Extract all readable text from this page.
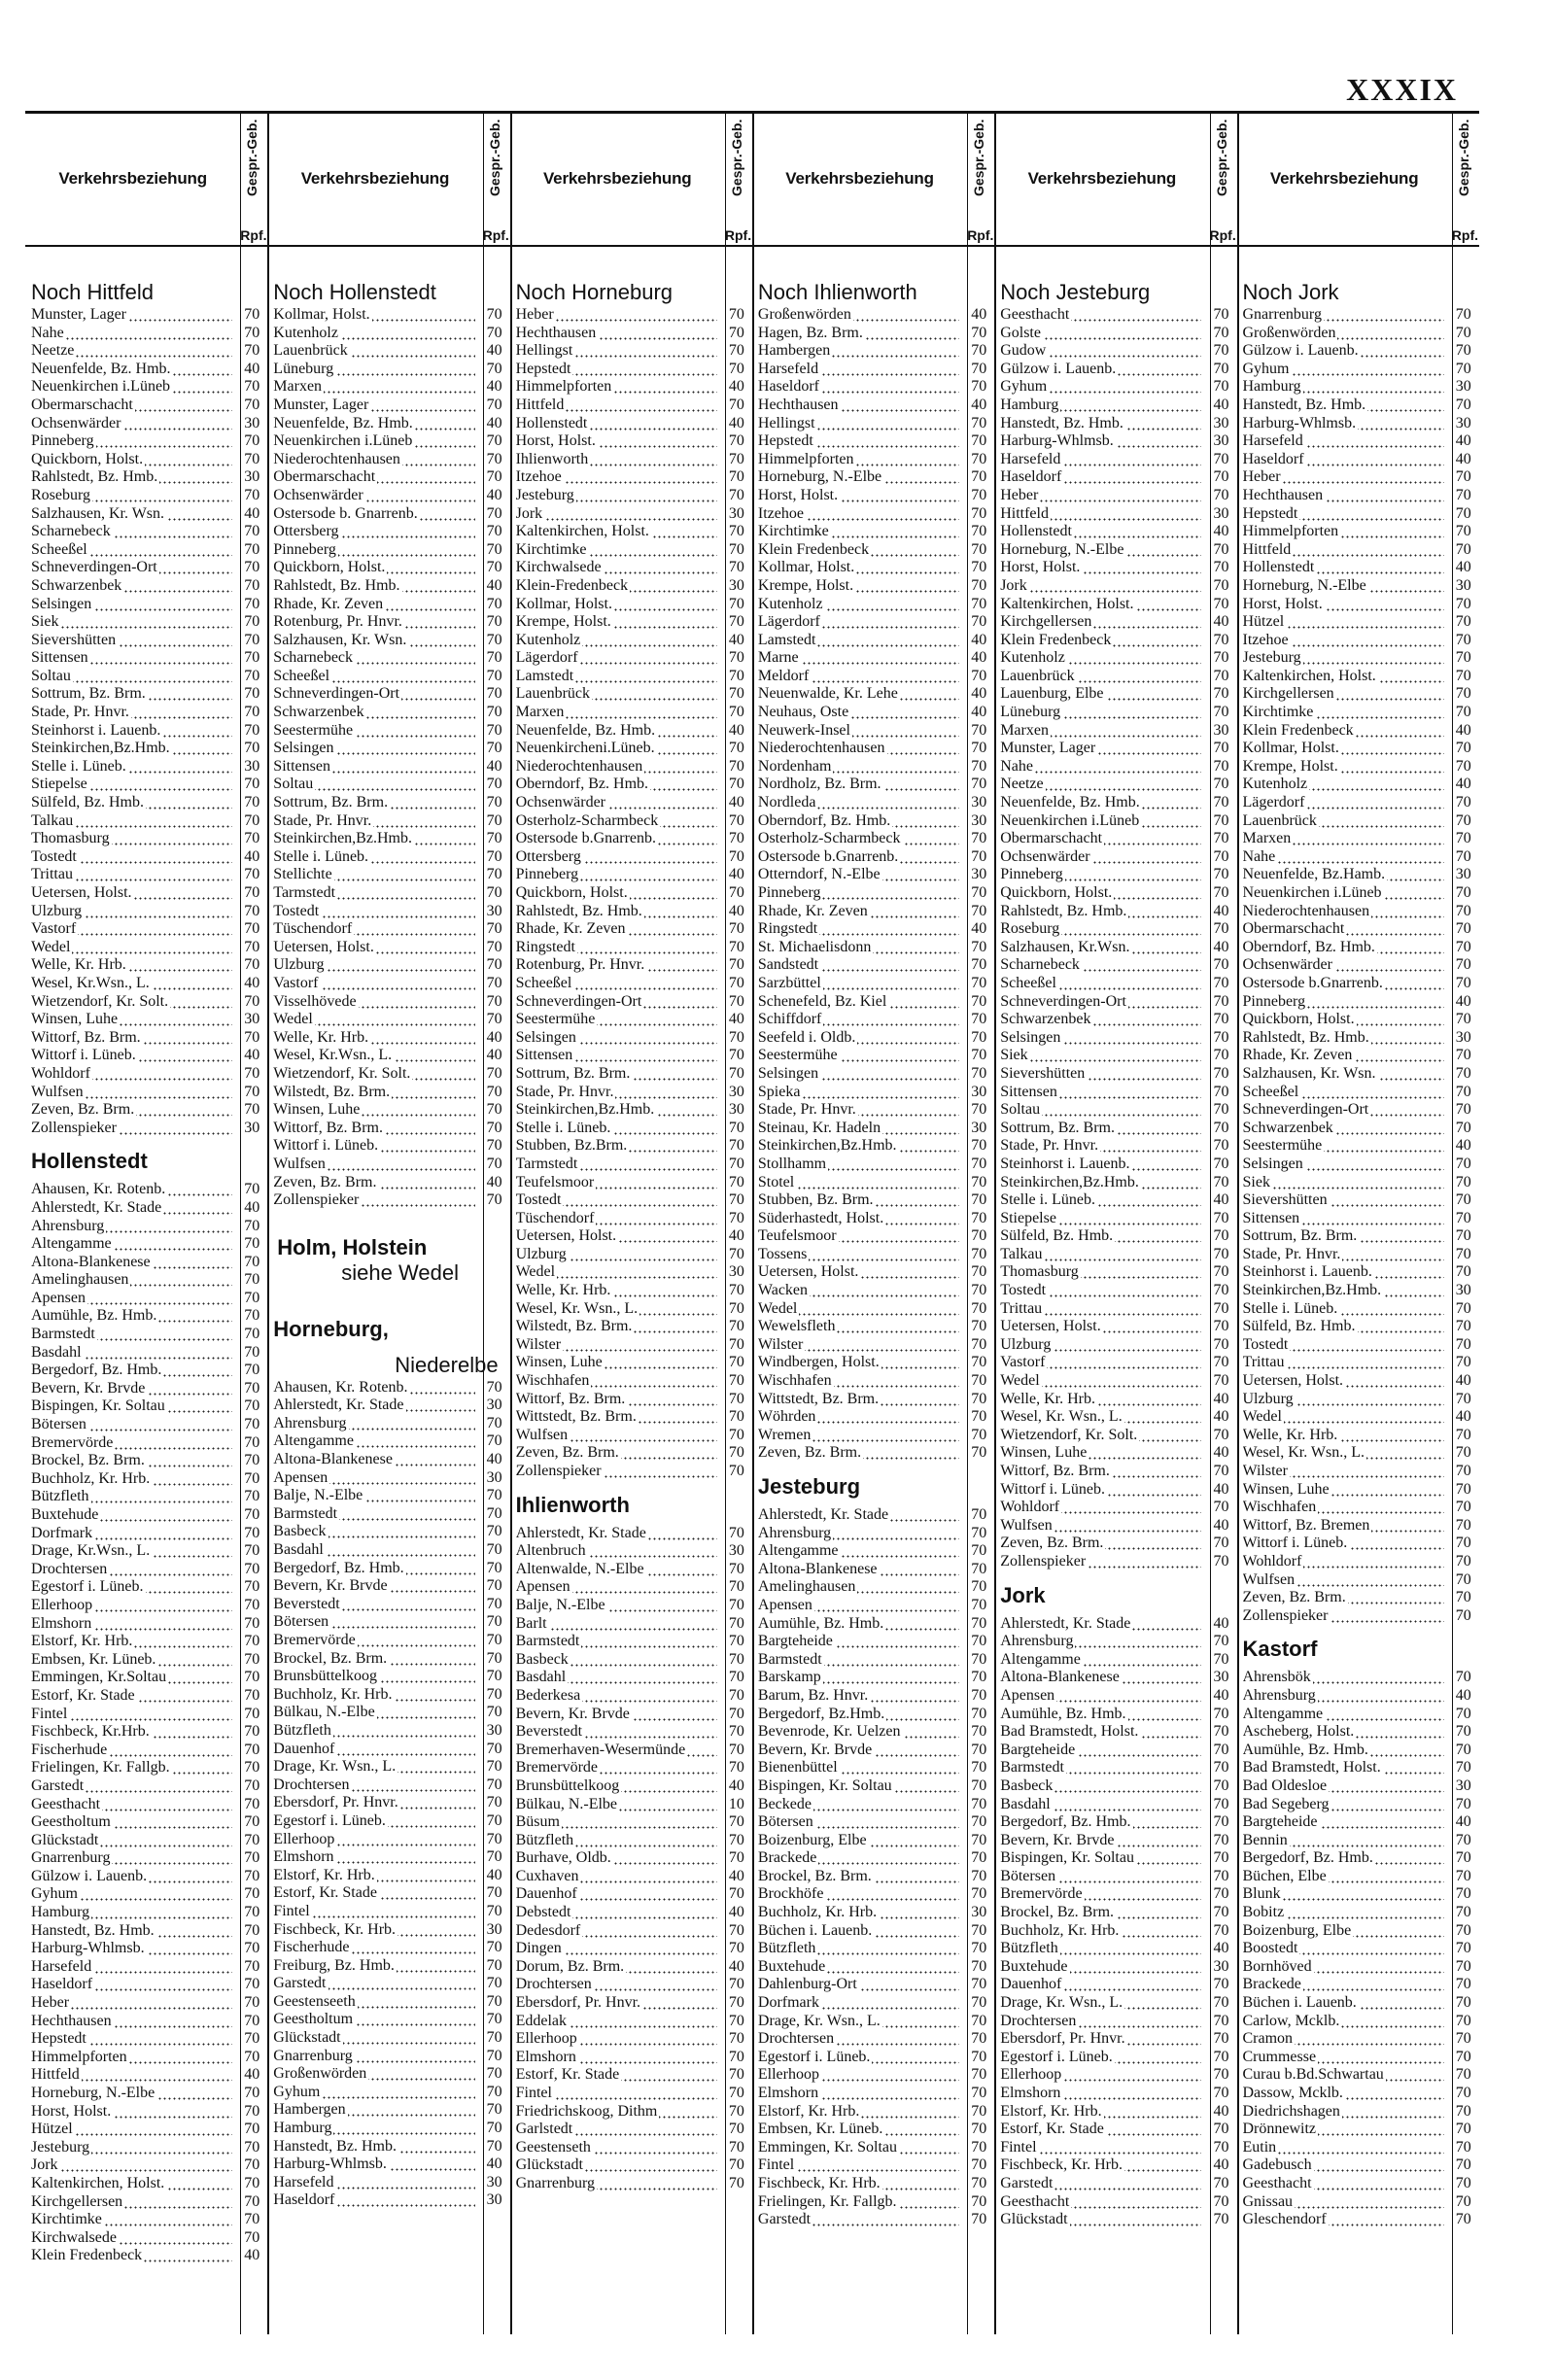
XXXIX
Verkehrsbeziehung	Gespr.-Geb.
Rpf.
Verkehrsbeziehung	Gespr.-Geb.
Rpf.
Verkehrsbeziehung	Gespr.-Geb.
Rpf.
Verkehrsbeziehung	Gespr.-Geb.
Rpf.
Verkehrsbeziehung	Gespr.-Geb.
Rpf.
Verkehrsbeziehung	Gespr.-Geb.
Rpf.
Noch Hittfeld
Munster, Lager	70
Nahe	70
Neetze	70
Neuenfelde, Bz. Hmb.	40
Neuenkirchen i.Lüneb	70
Obermarschacht	70
Ochsenwärder	30
Pinneberg	70
Quickborn, Holst.	70
Rahlstedt, Bz. Hmb.	30
Roseburg	70
Salzhausen, Kr. Wsn.	40
Scharnebeck	70
Scheeßel	70
Schneverdingen-Ort	70
Schwarzenbek	70
Selsingen	70
Siek	70
Sievershütten	70
Sittensen	70
Soltau	70
Sottrum, Bz. Brm.	70
Stade, Pr. Hnvr.	70
Steinhorst i. Lauenb.	70
Steinkirchen,Bz.Hmb.	70
Stelle i. Lüneb.	30
Stiepelse	70
Sülfeld, Bz. Hmb.	70
Talkau	70
Thomasburg	70
Tostedt	40
Trittau	70
Uetersen, Holst.	70
Ulzburg	70
Vastorf	70
Wedel	70
Welle, Kr. Hrb.	70
Wesel, Kr.Wsn., L.	40
Wietzendorf, Kr. Solt.	70
Winsen, Luhe	30
Wittorf, Bz. Brm.	70
Wittorf i. Lüneb.	40
Wohldorf	70
Wulfsen	70
Zeven, Bz. Brm.	70
Zollenspieker	30
Hollenstedt
Ahausen, Kr. Rotenb.	70
Ahlerstedt, Kr. Stade	40
Ahrensburg	70
Altengamme	70
Altona-Blankenese	70
Amelinghausen	70
Apensen	70
Aumühle, Bz. Hmb.	70
Barmstedt	70
Basdahl	70
Bergedorf, Bz. Hmb.	70
Bevern, Kr. Brvde	70
Bispingen, Kr. Soltau	70
Bötersen	70
Bremervörde	70
Brockel, Bz. Brm.	70
Buchholz, Kr. Hrb.	70
Bützfleth	70
Buxtehude	70
Dorfmark	70
Drage, Kr.Wsn., L.	70
Drochtersen	70
Egestorf i. Lüneb.	70
Ellerhoop	70
Elmshorn	70
Elstorf, Kr. Hrb.	70
Embsen, Kr. Lüneb.	70
Emmingen, Kr.Soltau	70
Estorf, Kr. Stade	70
Fintel	70
Fischbeck, Kr.Hrb.	70
Fischerhude	70
Frielingen, Kr. Fallgb.	70
Garstedt	70
Geesthacht	70
Geestholtum	70
Glückstadt	70
Gnarrenburg	70
Gülzow i. Lauenb.	70
Gyhum	70
Hamburg	70
Hanstedt, Bz. Hmb.	70
Harburg-Whlmsb.	70
Harsefeld	70
Haseldorf	70
Heber	70
Hechthausen	70
Hepstedt	70
Himmelpforten	70
Hittfeld	40
Horneburg, N.-Elbe	70
Horst, Holst.	70
Hützel	70
Jesteburg	70
Jork	70
Kaltenkirchen, Holst.	70
Kirchgellersen	70
Kirchtimke	70
Kirchwalsede	70
Klein Fredenbeck	40
Noch Hollenstedt
Kollmar, Holst.	70
Kutenholz	70
Lauenbrück	40
Lüneburg	70
Marxen	40
Munster, Lager	70
Neuenfelde, Bz. Hmb.	40
Neuenkirchen i.Lüneb	70
Niederochtenhausen	70
Obermarschacht	70
Ochsenwärder	40
Ostersode b. Gnarrenb.	70
Ottersberg	70
Pinneberg	70
Quickborn, Holst.	70
Rahlstedt, Bz. Hmb.	40
Rhade, Kr. Zeven	70
Rotenburg, Pr. Hnvr.	70
Salzhausen, Kr. Wsn.	70
Scharnebeck	70
Scheeßel	70
Schneverdingen-Ort	70
Schwarzenbek	70
Seestermühe	70
Selsingen	70
Sittensen	40
Soltau	70
Sottrum, Bz. Brm.	70
Stade, Pr. Hnvr.	70
Steinkirchen,Bz.Hmb.	70
Stelle i. Lüneb.	70
Stellichte	70
Tarmstedt	70
Tostedt	30
Tüschendorf	70
Uetersen, Holst.	70
Ulzburg	70
Vastorf	70
Visselhövede	70
Wedel	70
Welle, Kr. Hrb.	40
Wesel, Kr.Wsn., L.	40
Wietzendorf, Kr. Solt.	70
Wilstedt, Bz. Brm.	70
Winsen, Luhe	70
Wittorf, Bz. Brm.	70
Wittorf i. Lüneb.	70
Wulfsen	70
Zeven, Bz. Brm.	40
Zollenspieker	70
Holm, Holstein
siehe Wedel
Horneburg,
Niederelbe
Ahausen, Kr. Rotenb.	70
Ahlerstedt, Kr. Stade	30
Ahrensburg	70
Altengamme	70
Altona-Blankenese	40
Apensen	30
Balje, N.-Elbe	70
Barmstedt	70
Basbeck	70
Basdahl	70
Bergedorf, Bz. Hmb.	70
Bevern, Kr. Brvde	70
Beverstedt	70
Bötersen	70
Bremervörde	70
Brockel, Bz. Brm.	70
Brunsbüttelkoog	70
Buchholz, Kr. Hrb.	70
Bülkau, N.-Elbe	70
Bützfleth	30
Dauenhof	70
Drage, Kr. Wsn., L.	70
Drochtersen	70
Ebersdorf, Pr. Hnvr.	70
Egestorf i. Lüneb.	70
Ellerhoop	70
Elmshorn	70
Elstorf, Kr. Hrb.	40
Estorf, Kr. Stade	70
Fintel	70
Fischbeck, Kr. Hrb.	30
Fischerhude	70
Freiburg, Bz. Hmb.	70
Garstedt	70
Geestenseeth	70
Geestholtum	70
Glückstadt	70
Gnarrenburg	70
Großenwörden	70
Gyhum	70
Hambergen	70
Hamburg	70
Hanstedt, Bz. Hmb.	70
Harburg-Whlmsb.	40
Harsefeld	30
Haseldorf	30
Noch Horneburg
Heber	70
Hechthausen	70
Hellingst	70
Hepstedt	70
Himmelpforten	40
Hittfeld	70
Hollenstedt	40
Horst, Holst.	70
Ihlienworth	70
Itzehoe	70
Jesteburg	70
Jork	30
Kaltenkirchen, Holst.	70
Kirchtimke	70
Kirchwalsede	70
Klein-Fredenbeck	30
Kollmar, Holst.	70
Krempe, Holst.	70
Kutenholz	40
Lägerdorf	70
Lamstedt	70
Lauenbrück	70
Marxen	70
Neuenfelde, Bz. Hmb.	40
Neuenkircheni.Lüneb.	70
Niederochtenhausen	70
Oberndorf, Bz. Hmb.	70
Ochsenwärder	40
Osterholz-Scharmbeck	70
Ostersode b.Gnarrenb.	70
Ottersberg	70
Pinneberg	40
Quickborn, Holst.	70
Rahlstedt, Bz. Hmb.	40
Rhade, Kr. Zeven	70
Ringstedt	70
Rotenburg, Pr. Hnvr.	70
Scheeßel	70
Schneverdingen-Ort	70
Seestermühe	40
Selsingen	70
Sittensen	70
Sottrum, Bz. Brm.	70
Stade, Pr. Hnvr.	30
Steinkirchen,Bz.Hmb.	30
Stelle i. Lüneb.	70
Stubben, Bz.Brm.	70
Tarmstedt	70
Teufelsmoor	70
Tostedt	70
Tüschendorf	70
Uetersen, Holst.	40
Ulzburg	70
Wedel	30
Welle, Kr. Hrb.	70
Wesel, Kr. Wsn., L.	70
Wilstedt, Bz. Brm.	70
Wilster	70
Winsen, Luhe	70
Wischhafen	70
Wittorf, Bz. Brm.	70
Wittstedt, Bz. Brm.	70
Wulfsen	70
Zeven, Bz. Brm.	70
Zollenspieker	70
Ihlienworth
Ahlerstedt, Kr. Stade	70
Altenbruch	30
Altenwalde, N.-Elbe	70
Apensen	70
Balje, N.-Elbe	70
Barlt	70
Barmstedt	70
Basbeck	70
Basdahl	70
Bederkesa	70
Bevern, Kr. Brvde	70
Beverstedt	70
Bremerhaven-Wesermünde	70
Bremervörde	70
Brunsbüttelkoog	40
Bülkau, N.-Elbe	10
Büsum	70
Bützfleth	70
Burhave, Oldb.	70
Cuxhaven	40
Dauenhof	70
Debstedt	40
Dedesdorf	70
Dingen	70
Dorum, Bz. Brm.	40
Drochtersen	70
Ebersdorf, Pr. Hnvr.	70
Eddelak	70
Ellerhoop	70
Elmshorn	70
Estorf, Kr. Stade	70
Fintel	70
Friedrichskoog, Dithm	70
Garlstedt	70
Geestenseth	70
Glückstadt	70
Gnarrenburg	70
Noch Ihlienworth
Großenwörden	40
Hagen, Bz. Brm.	70
Hambergen	70
Harsefeld	70
Haseldorf	70
Hechthausen	40
Hellingst	70
Hepstedt	70
Himmelpforten	70
Horneburg, N.-Elbe	70
Horst, Holst.	70
Itzehoe	70
Kirchtimke	70
Klein Fredenbeck	70
Kollmar, Holst.	70
Krempe, Holst.	70
Kutenholz	70
Lägerdorf	70
Lamstedt	40
Marne	40
Meldorf	70
Neuenwalde, Kr. Lehe	40
Neuhaus, Oste	40
Neuwerk-Insel	70
Niederochtenhausen	70
Nordenham	70
Nordholz, Bz. Brm.	70
Nordleda	30
Oberndorf, Bz. Hmb.	30
Osterholz-Scharmbeck	70
Ostersode b.Gnarrenb.	70
Otterndorf, N.-Elbe	30
Pinneberg	70
Rhade, Kr. Zeven	70
Ringstedt	40
St. Michaelisdonn	70
Sandstedt	70
Sarzbüttel	70
Schenefeld, Bz. Kiel	70
Schiffdorf	70
Seefeld i. Oldb.	70
Seestermühe	70
Selsingen	70
Spieka	30
Stade, Pr. Hnvr.	70
Steinau, Kr. Hadeln	30
Steinkirchen,Bz.Hmb.	70
Stollhamm	70
Stotel	70
Stubben, Bz. Brm.	70
Süderhastedt, Holst.	70
Teufelsmoor	70
Tossens	70
Uetersen, Holst.	70
Wacken	70
Wedel	70
Wewelsfleth	70
Wilster	70
Windbergen, Holst.	70
Wischhafen	70
Wittstedt, Bz. Brm.	70
Wöhrden	70
Wremen	70
Zeven, Bz. Brm.	70
Jesteburg
Ahlerstedt, Kr. Stade	70
Ahrensburg	70
Altengamme	70
Altona-Blankenese	70
Amelinghausen	70
Apensen	70
Aumühle, Bz. Hmb.	70
Bargteheide	70
Barmstedt	70
Barskamp	70
Barum, Bz. Hnvr.	70
Bergedorf, Bz.Hmb.	70
Bevenrode, Kr. Uelzen	70
Bevern, Kr. Brvde	70
Bienenbüttel	70
Bispingen, Kr. Soltau	70
Beckede	70
Bötersen	70
Boizenburg, Elbe	70
Brackede	70
Brockel, Bz. Brm.	70
Brockhöfe	70
Buchholz, Kr. Hrb.	30
Büchen i. Lauenb.	70
Bützfleth	70
Buxtehude	70
Dahlenburg-Ort	70
Dorfmark	70
Drage, Kr. Wsn., L.	70
Drochtersen	70
Egestorf i. Lüneb.	70
Ellerhoop	70
Elmshorn	70
Elstorf, Kr. Hrb.	70
Embsen, Kr. Lüneb.	70
Emmingen, Kr. Soltau	70
Fintel	70
Fischbeck, Kr. Hrb.	70
Frielingen, Kr. Fallgb.	70
Garstedt	70
Noch Jesteburg
Geesthacht	70
Golste	70
Gudow	70
Gülzow i. Lauenb.	70
Gyhum	70
Hamburg	40
Hanstedt, Bz. Hmb.	30
Harburg-Whlmsb.	30
Harsefeld	70
Haseldorf	70
Heber	70
Hittfeld	30
Hollenstedt	40
Horneburg, N.-Elbe	70
Horst, Holst.	70
Jork	70
Kaltenkirchen, Holst.	70
Kirchgellersen	40
Klein Fredenbeck	70
Kutenholz	70
Lauenbrück	70
Lauenburg, Elbe	70
Lüneburg	70
Marxen	30
Munster, Lager	70
Nahe	70
Neetze	70
Neuenfelde, Bz. Hmb.	70
Neuenkirchen i.Lüneb	70
Obermarschacht	70
Ochsenwärder	70
Pinneberg	70
Quickborn, Holst.	70
Rahlstedt, Bz. Hmb.	40
Roseburg	70
Salzhausen, Kr.Wsn.	40
Scharnebeck	70
Scheeßel	70
Schneverdingen-Ort	70
Schwarzenbek	70
Selsingen	70
Siek	70
Sievershütten	70
Sittensen	70
Soltau	70
Sottrum, Bz. Brm.	70
Stade, Pr. Hnvr.	70
Steinhorst i. Lauenb.	70
Steinkirchen,Bz.Hmb.	70
Stelle i. Lüneb.	40
Stiepelse	70
Sülfeld, Bz. Hmb.	70
Talkau	70
Thomasburg	70
Tostedt	70
Trittau	70
Uetersen, Holst.	70
Ulzburg	70
Vastorf	70
Wedel	70
Welle, Kr. Hrb.	40
Wesel, Kr. Wsn., L.	40
Wietzendorf, Kr. Solt.	70
Winsen, Luhe	40
Wittorf, Bz. Brm.	70
Wittorf i. Lüneb.	40
Wohldorf	70
Wulfsen	40
Zeven, Bz. Brm.	70
Zollenspieker	70
Jork
Ahlerstedt, Kr. Stade	40
Ahrensburg	70
Altengamme	70
Altona-Blankenese	30
Apensen	40
Aumühle, Bz. Hmb.	70
Bad Bramstedt, Holst.	70
Bargteheide	70
Barmstedt	70
Basbeck	70
Basdahl	70
Bergedorf, Bz. Hmb.	70
Bevern, Kr. Brvde	70
Bispingen, Kr. Soltau	70
Bötersen	70
Bremervörde	70
Brockel, Bz. Brm.	70
Buchholz, Kr. Hrb.	70
Bützfleth	40
Buxtehude	30
Dauenhof	70
Drage, Kr. Wsn., L.	70
Drochtersen	70
Ebersdorf, Pr. Hnvr.	70
Egestorf i. Lüneb.	70
Ellerhoop	70
Elmshorn	70
Elstorf, Kr. Hrb.	40
Estorf, Kr. Stade	70
Fintel	70
Fischbeck, Kr. Hrb.	40
Garstedt	70
Geesthacht	70
Glückstadt	70
Noch Jork
Gnarrenburg	70
Großenwörden	70
Gülzow i. Lauenb.	70
Gyhum	70
Hamburg	30
Hanstedt, Bz. Hmb.	70
Harburg-Whlmsb.	30
Harsefeld	40
Haseldorf	40
Heber	70
Hechthausen	70
Hepstedt	70
Himmelpforten	70
Hittfeld	70
Hollenstedt	40
Horneburg, N.-Elbe	30
Horst, Holst.	70
Hützel	70
Itzehoe	70
Jesteburg	70
Kaltenkirchen, Holst.	70
Kirchgellersen	70
Kirchtimke	70
Klein Fredenbeck	40
Kollmar, Holst.	70
Krempe, Holst.	70
Kutenholz	40
Lägerdorf	70
Lauenbrück	70
Marxen	70
Nahe	70
Neuenfelde, Bz.Hamb.	30
Neuenkirchen i.Lüneb	70
Niederochtenhausen	70
Obermarschacht	70
Oberndorf, Bz. Hmb.	70
Ochsenwärder	70
Ostersode b.Gnarrenb.	70
Pinneberg	40
Quickborn, Holst.	70
Rahlstedt, Bz. Hmb.	30
Rhade, Kr. Zeven	70
Salzhausen, Kr. Wsn.	70
Scheeßel	70
Schneverdingen-Ort	70
Schwarzenbek	70
Seestermühe	40
Selsingen	70
Siek	70
Sievershütten	70
Sittensen	70
Sottrum, Bz. Brm.	70
Stade, Pr. Hnvr.	70
Steinhorst i. Lauenb.	70
Steinkirchen,Bz.Hmb.	30
Stelle i. Lüneb.	70
Sülfeld, Bz. Hmb.	70
Tostedt	70
Trittau	70
Uetersen, Holst.	40
Ulzburg	70
Wedel	40
Welle, Kr. Hrb.	70
Wesel, Kr. Wsn., L.	70
Wilster	70
Winsen, Luhe	70
Wischhafen	70
Wittorf, Bz. Bremen	70
Wittorf i. Lüneb.	70
Wohldorf	70
Wulfsen	70
Zeven, Bz. Brm.	70
Zollenspieker	70
Kastorf
Ahrensbök	70
Ahrensburg	40
Altengamme	70
Ascheberg, Holst.	70
Aumühle, Bz. Hmb.	70
Bad Bramstedt, Holst.	70
Bad Oldesloe	30
Bad Segeberg	70
Bargteheide	40
Bennin	70
Bergedorf, Bz. Hmb.	70
Büchen, Elbe	70
Blunk	70
Bobitz	70
Boizenburg, Elbe	70
Boostedt	70
Bornhöved	70
Brackede	70
Büchen i. Lauenb.	70
Carlow, Mcklb.	70
Cramon	70
Crummesse	70
Curau b.Bd.Schwartau	70
Dassow, Mcklb.	70
Diedrichshagen	70
Drönnewitz	70
Eutin	70
Gadebusch	70
Geesthacht	70
Gnissau	70
Gleschendorf	70
